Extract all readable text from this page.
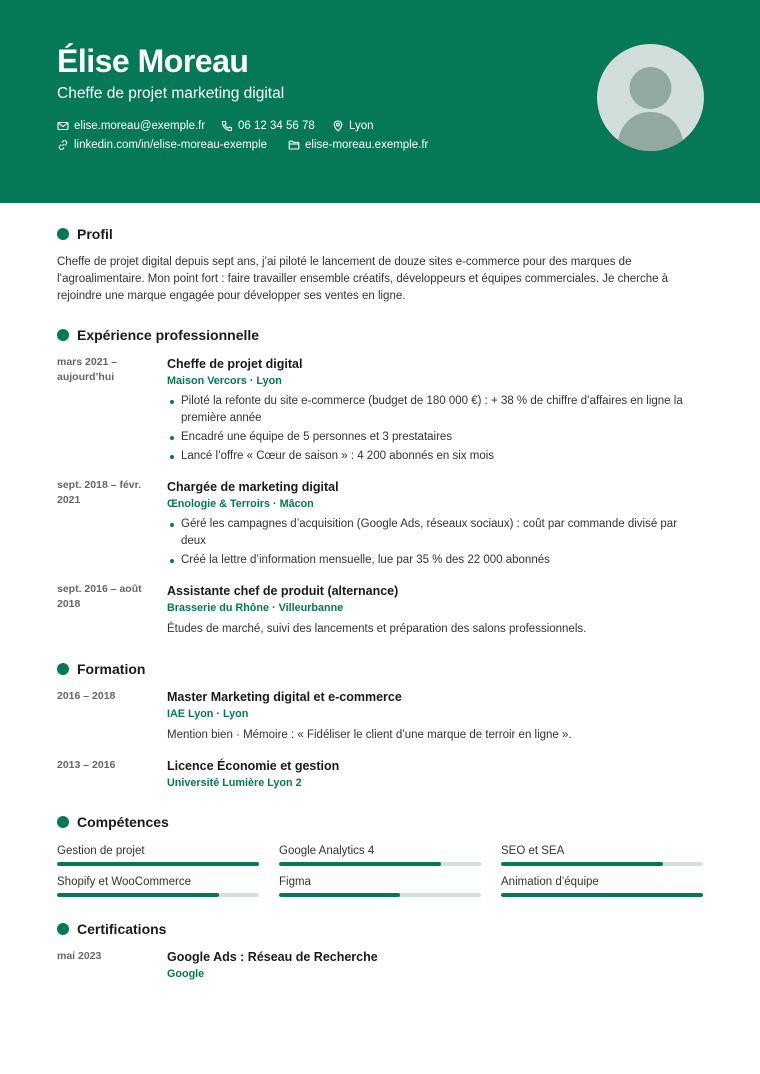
Élise Moreau
Cheffe de projet marketing digital
elise.moreau@exemple.fr	06 12 34 56 78	Lyon
linkedin.com/in/elise-moreau-exemple	elise-moreau.exemple.fr
Profil

Cheffe de projet digital depuis sept ans, j’ai piloté le lancement de douze sites e-commerce pour des marques de l’agroalimentaire. Mon point fort : faire travailler ensemble créatifs, développeurs et équipes commerciales. Je cherche à rejoindre une marque engagée pour développer ses ventes en ligne.

Expérience professionnelle
mars 2021 – aujourd’hui
Cheffe de projet digital
Maison Vercors · Lyon
Piloté la refonte du site e-commerce (budget de 180 000 €) : + 38 % de chiffre d’affaires en ligne la première année
Encadré une équipe de 5 personnes et 3 prestataires
Lancé l’offre « Cœur de saison » : 4 200 abonnés en six mois
sept. 2018 – févr. 2021
Chargée de marketing digital
Œnologie & Terroirs · Mâcon
Géré les campagnes d’acquisition (Google Ads, réseaux sociaux) : coût par commande divisé par deux
Créé la lettre d’information mensuelle, lue par 35 % des 22 000 abonnés
sept. 2016 – août 2018
Assistante chef de produit (alternance)
Brasserie du Rhône · Villeurbanne

Études de marché, suivi des lancements et préparation des salons professionnels.

Formation
2016 – 2018	Master Marketing digital et e-commerce
IAE Lyon · Lyon

Mention bien · Mémoire : « Fidéliser le client d’une marque de terroir en ligne ».

2013 – 2016	Licence Économie et gestion
Université Lumière Lyon 2
Compétences
Gestion de projet	Google Analytics 4	SEO et SEA
Shopify et WooCommerce	Figma	Animation d’équipe
Certifications
mai 2023	Google Ads : Réseau de Recherche
Google
